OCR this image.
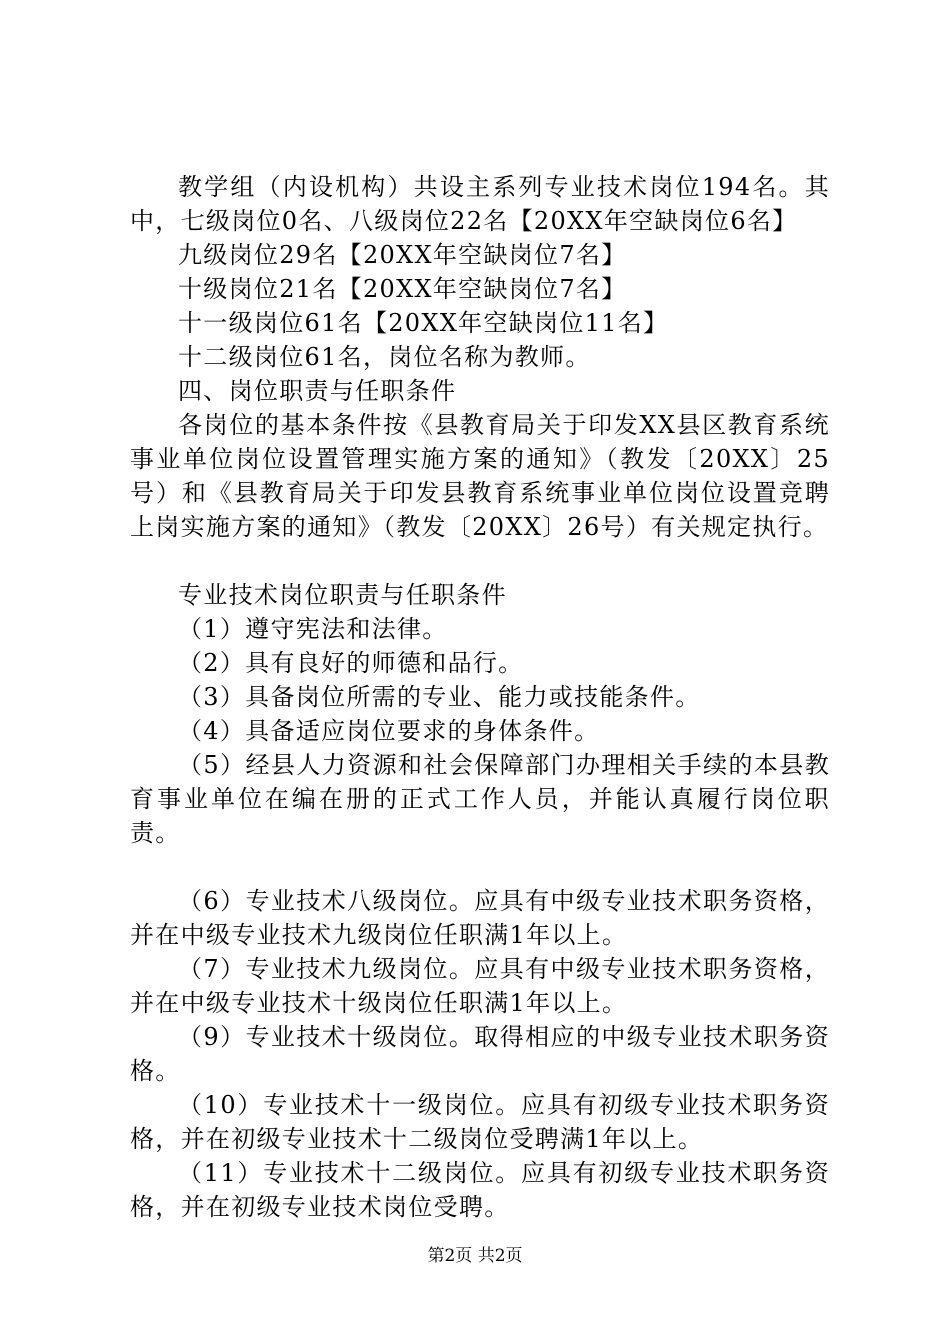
教学组（内设机构）共设主系列专业技术岗位194名。其中，七级岗位0名、八级岗位22名【20XX年空缺岗位6名】

九级岗位29名【20XX年空缺岗位7名】

十级岗位21名【20XX年空缺岗位7名】

十一级岗位61名【20XX年空缺岗位11名】

十二级岗位61名，岗位名称为教师。

四、岗位职责与任职条件

各岗位的基本条件按《县教育局关于印发XX县区教育系统事业单位岗位设置管理实施方案的通知》（教发〔20XX〕25号）和《县教育局关于印发县教育系统事业单位岗位设置竞聘上岗实施方案的通知》（教发〔20XX〕26号）有关规定执行。

专业技术岗位职责与任职条件

（1）遵守宪法和法律。

（2）具有良好的师德和品行。

（3）具备岗位所需的专业、能力或技能条件。

（4）具备适应岗位要求的身体条件。

（5）经县人力资源和社会保障部门办理相关手续的本县教育事业单位在编在册的正式工作人员，并能认真履行岗位职责。

（6）专业技术八级岗位。应具有中级专业技术职务资格，并在中级专业技术九级岗位任职满1年以上。

（7）专业技术九级岗位。应具有中级专业技术职务资格，并在中级专业技术十级岗位任职满1年以上。

（9）专业技术十级岗位。取得相应的中级专业技术职务资格。

（10）专业技术十一级岗位。应具有初级专业技术职务资格，并在初级专业技术十二级岗位受聘满1年以上。

（11）专业技术十二级岗位。应具有初级专业技术职务资格，并在初级专业技术岗位受聘。

第2页 共2页
